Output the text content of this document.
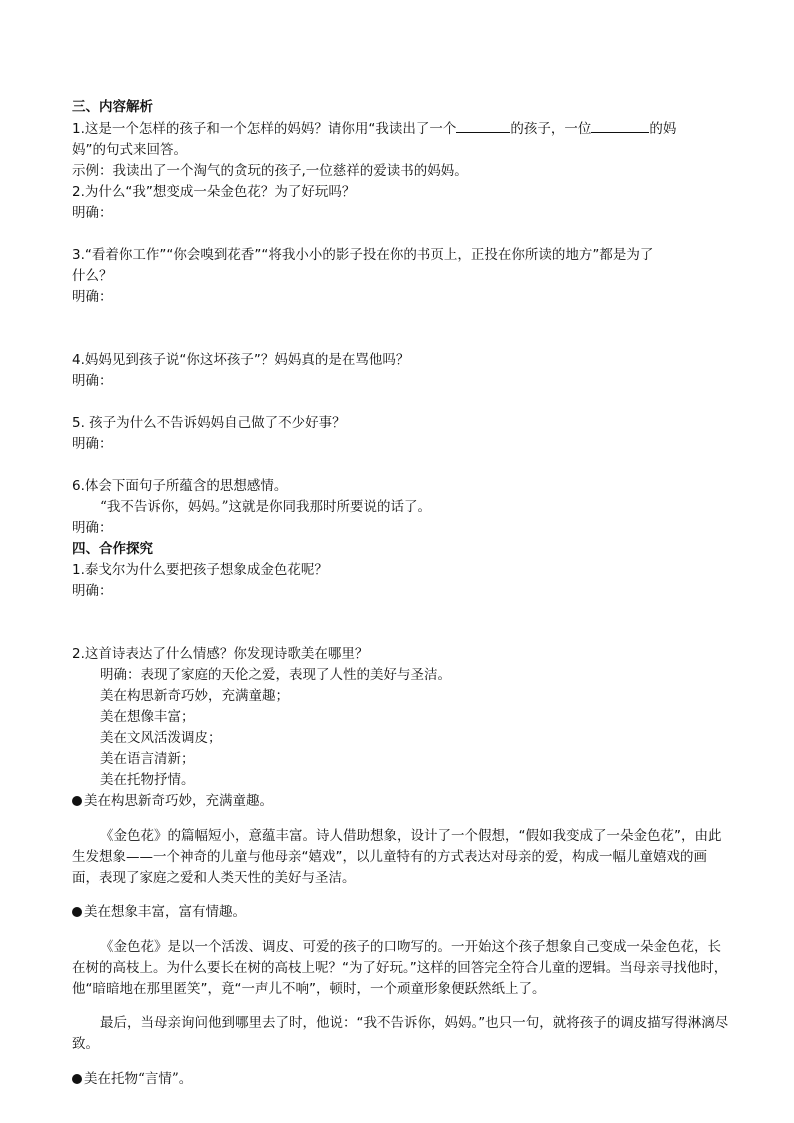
三、内容解析

1.这是一个怎样的孩子和一个怎样的妈妈？请你用“我读出了一个	的孩子，一位	的妈

妈”的句式来回答。

示例：我读出了一个淘气的贪玩的孩子,一位慈祥的爱读书的妈妈。

2.为什么“我”想变成一朵金色花？为了好玩吗？

明确：

3.“看着你工作”“你会嗅到花香”“将我小小的影子投在你的书页上，正投在你所读的地方”都是为了

什么？

明确：

4.妈妈见到孩子说“你这坏孩子”？妈妈真的是在骂他吗？

明确：

5. 孩子为什么不告诉妈妈自己做了不少好事？

明确：

6.体会下面句子所蕴含的思想感情。

“我不告诉你，妈妈。”这就是你同我那时所要说的话了。

明确：

四、合作探究

1.泰戈尔为什么要把孩子想象成金色花呢？

明确：

2.这首诗表达了什么情感？你发现诗歌美在哪里？

明确：表现了家庭的天伦之爱，表现了人性的美好与圣洁。

美在构思新奇巧妙，充满童趣；

美在想像丰富；

美在文风活泼调皮；

美在语言清新；

美在托物抒情。

美在构思新奇巧妙，充满童趣。

《金色花》的篇幅短小，意蕴丰富。诗人借助想象，设计了一个假想，“假如我变成了一朵金色花”，由此生发想象——一个神奇的儿童与他母亲“嬉戏”，以儿童特有的方式表达对母亲的爱，构成一幅儿童嬉戏的画面，表现了家庭之爱和人类天性的美好与圣洁。

美在想象丰富，富有情趣。

《金色花》是以一个活泼、调皮、可爱的孩子的口吻写的。一开始这个孩子想象自己变成一朵金色花，长在树的高枝上。为什么要长在树的高枝上呢？“为了好玩。”这样的回答完全符合儿童的逻辑。当母亲寻找他时，他“暗暗地在那里匿笑”，竟“一声儿不响”，顿时，一个顽童形象便跃然纸上了。

最后，当母亲询问他到哪里去了时，他说：“我不告诉你，妈妈。”也只一句，就将孩子的调皮描写得淋漓尽致。

美在托物“言情”。
